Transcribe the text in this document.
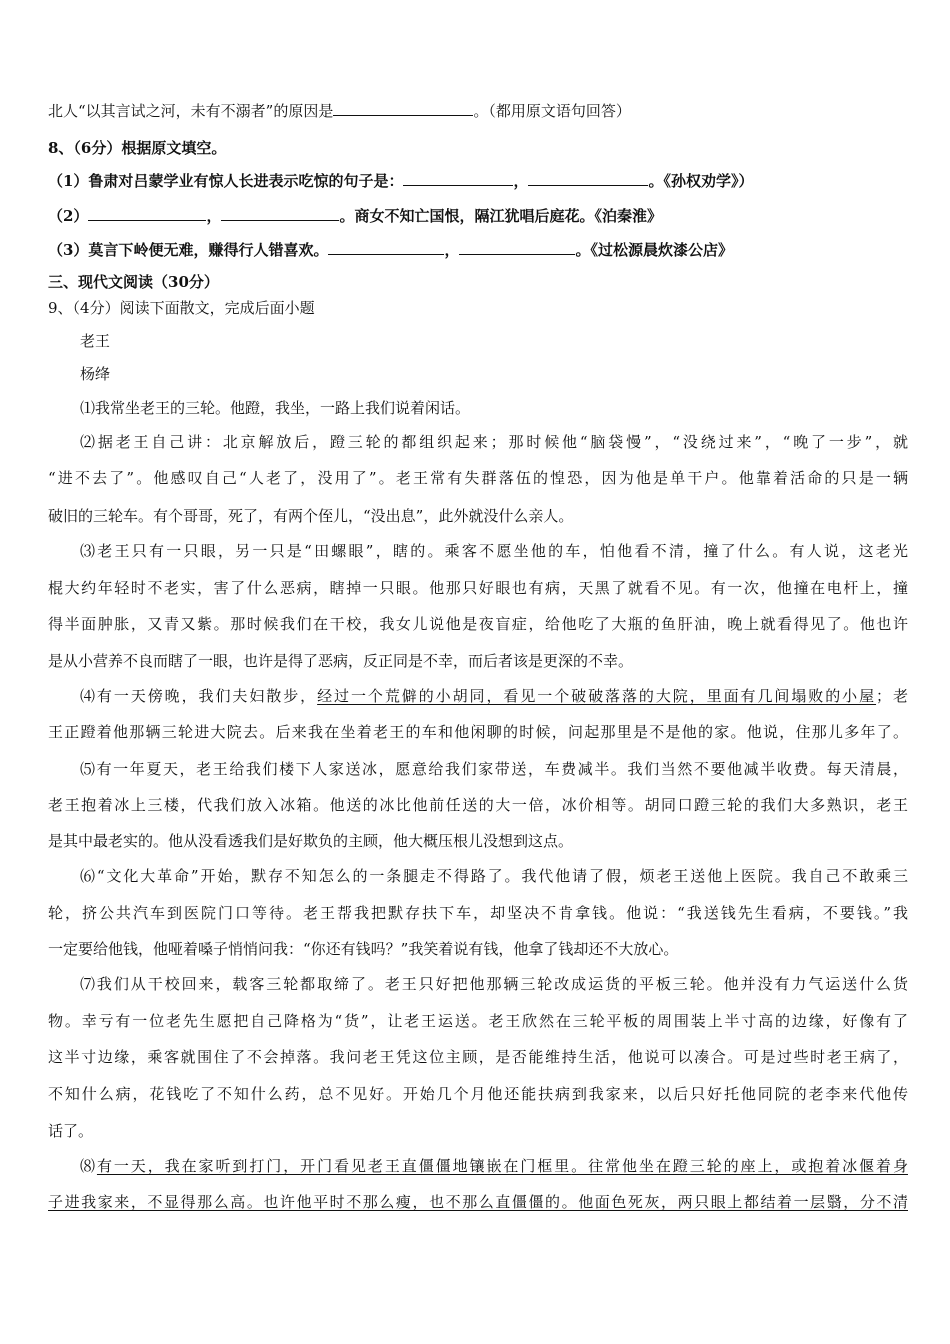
北人“以其言试之河，未有不溺者”的原因是	。（都用原文语句回答）
8、（6分）根据原文填空。
（1）鲁肃对吕蒙学业有惊人长进表示吃惊的句子是：	，	。《孙权劝学》）
（2）	，	。商女不知亡国恨，隔江犹唱后庭花。《泊秦淮》
（3）莫言下岭便无难，赚得行人错喜欢。	，	。《过松源晨炊漆公店》
三、现代文阅读（30分）
9、（4分）阅读下面散文，完成后面小题
老王
杨绛
⑴我常坐老王的三轮。他蹬，我坐，一路上我们说着闲话。
⑵据老王自己讲：北京解放后，蹬三轮的都组织起来；那时候他“脑袋慢”，“没绕过来”，“晚了一步”，就
“进不去了”。他感叹自己“人老了，没用了”。老王常有失群落伍的惶恐，因为他是单干户。他靠着活命的只是一辆
破旧的三轮车。有个哥哥，死了，有两个侄儿，“没出息”，此外就没什么亲人。
⑶老王只有一只眼，另一只是“田螺眼”，瞎的。乘客不愿坐他的车，怕他看不清，撞了什么。有人说，这老光
棍大约年轻时不老实，害了什么恶病，瞎掉一只眼。他那只好眼也有病，天黑了就看不见。有一次，他撞在电杆上，撞
得半面肿胀，又青又紫。那时候我们在干校，我女儿说他是夜盲症，给他吃了大瓶的鱼肝油，晚上就看得见了。他也许
是从小营养不良而瞎了一眼，也许是得了恶病，反正同是不幸，而后者该是更深的不幸。
⑷有一天傍晚，我们夫妇散步，经过一个荒僻的小胡同，看见一个破破落落的大院，里面有几间塌败的小屋；老
王正蹬着他那辆三轮进大院去。后来我在坐着老王的车和他闲聊的时候，问起那里是不是他的家。他说，住那儿多年了。
⑸有一年夏天，老王给我们楼下人家送冰，愿意给我们家带送，车费减半。我们当然不要他减半收费。每天清晨，
老王抱着冰上三楼，代我们放入冰箱。他送的冰比他前任送的大一倍，冰价相等。胡同口蹬三轮的我们大多熟识，老王
是其中最老实的。他从没看透我们是好欺负的主顾，他大概压根儿没想到这点。
⑹“文化大革命”开始，默存不知怎么的一条腿走不得路了。我代他请了假，烦老王送他上医院。我自己不敢乘三
轮，挤公共汽车到医院门口等待。老王帮我把默存扶下车，却坚决不肯拿钱。他说：“我送钱先生看病，不要钱。”我
一定要给他钱，他哑着嗓子悄悄问我：“你还有钱吗？”我笑着说有钱，他拿了钱却还不大放心。
⑺我们从干校回来，载客三轮都取缔了。老王只好把他那辆三轮改成运货的平板三轮。他并没有力气运送什么货
物。幸亏有一位老先生愿把自己降格为“货”，让老王运送。老王欣然在三轮平板的周围装上半寸高的边缘，好像有了
这半寸边缘，乘客就围住了不会掉落。我问老王凭这位主顾，是否能维持生活，他说可以凑合。可是过些时老王病了，
不知什么病，花钱吃了不知什么药，总不见好。开始几个月他还能扶病到我家来，以后只好托他同院的老李来代他传
话了。
⑻有一天，我在家听到打门，开门看见老王直僵僵地镶嵌在门框里。往常他坐在蹬三轮的座上，或抱着冰偃着身
子进我家来，不显得那么高。也许他平时不那么瘦，也不那么直僵僵的。他面色死灰，两只眼上都结着一层翳，分不清
